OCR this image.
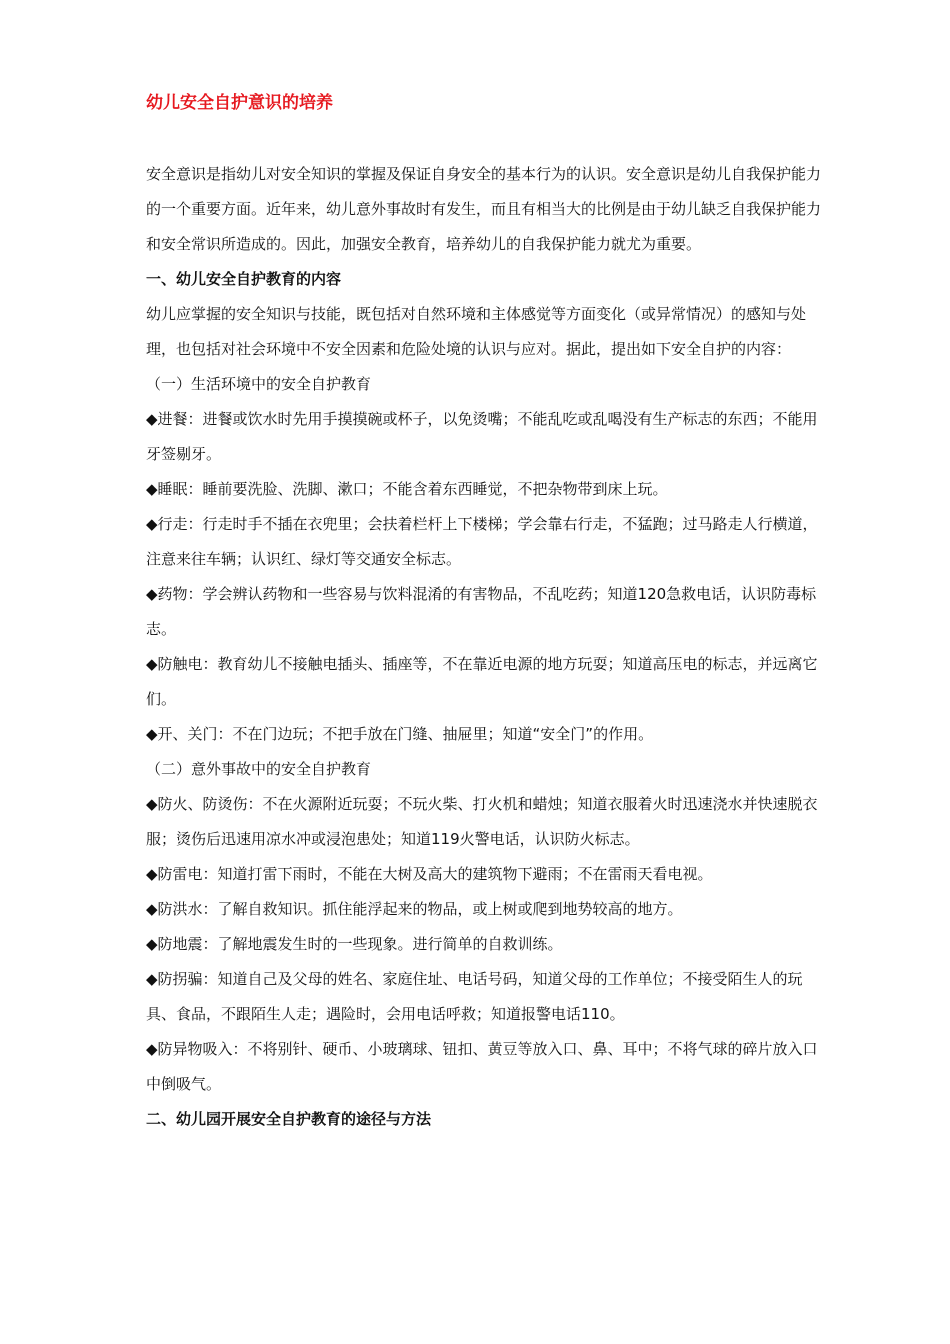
幼儿安全自护意识的培养

安全意识是指幼儿对安全知识的掌握及保证自身安全的基本行为的认识。安全意识是幼儿自我保护能力的一个重要方面。近年来，幼儿意外事故时有发生，而且有相当大的比例是由于幼儿缺乏自我保护能力和安全常识所造成的。因此，加强安全教育，培养幼儿的自我保护能力就尤为重要。

一、幼儿安全自护教育的内容

幼儿应掌握的安全知识与技能，既包括对自然环境和主体感觉等方面变化（或异常情况）的感知与处理，也包括对社会环境中不安全因素和危险处境的认识与应对。据此，提出如下安全自护的内容：

（一）生活环境中的安全自护教育

◆进餐：进餐或饮水时先用手摸摸碗或杯子，以免烫嘴；不能乱吃或乱喝没有生产标志的东西；不能用牙签剔牙。

◆睡眠：睡前要洗脸、洗脚、漱口；不能含着东西睡觉，不把杂物带到床上玩。

◆行走：行走时手不插在衣兜里；会扶着栏杆上下楼梯；学会靠右行走，不猛跑；过马路走人行横道，注意来往车辆；认识红、绿灯等交通安全标志。

◆药物：学会辨认药物和一些容易与饮料混淆的有害物品，不乱吃药；知道120急救电话，认识防毒标志。

◆防触电：教育幼儿不接触电插头、插座等，不在靠近电源的地方玩耍；知道高压电的标志，并远离它们。

◆开、关门：不在门边玩；不把手放在门缝、抽屉里；知道“安全门”的作用。

（二）意外事故中的安全自护教育

◆防火、防烫伤：不在火源附近玩耍；不玩火柴、打火机和蜡烛；知道衣服着火时迅速浇水并快速脱衣服；烫伤后迅速用凉水冲或浸泡患处；知道119火警电话，认识防火标志。

◆防雷电：知道打雷下雨时，不能在大树及高大的建筑物下避雨；不在雷雨天看电视。

◆防洪水：了解自救知识。抓住能浮起来的物品，或上树或爬到地势较高的地方。

◆防地震：了解地震发生时的一些现象。进行简单的自救训练。

◆防拐骗：知道自己及父母的姓名、家庭住址、电话号码，知道父母的工作单位；不接受陌生人的玩具、食品，不跟陌生人走；遇险时，会用电话呼救；知道报警电话110。

◆防异物吸入：不将别针、硬币、小玻璃球、钮扣、黄豆等放入口、鼻、耳中；不将气球的碎片放入口中倒吸气。

二、幼儿园开展安全自护教育的途径与方法
